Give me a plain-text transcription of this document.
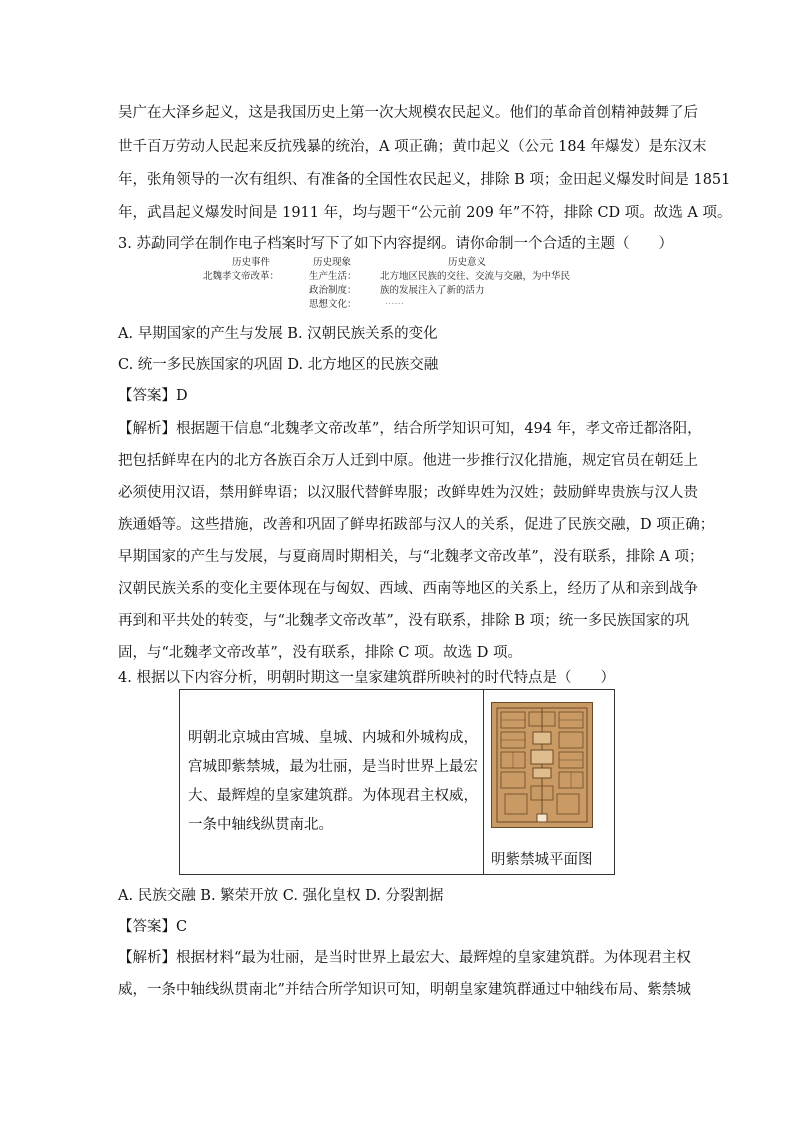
吴广在大泽乡起义，这是我国历史上第一次大规模农民起义。他们的革命首创精神鼓舞了后
世千百万劳动人民起来反抗残暴的统治，A 项正确；黄巾起义（公元 184 年爆发）是东汉末
年，张角领导的一次有组织、有准备的全国性农民起义，排除 B 项；金田起义爆发时间是 1851
年，武昌起义爆发时间是 1911 年，均与题干“公元前 209 年”不符，排除 CD 项。故选 A 项。
3. 苏勐同学在制作电子档案时写下了如下内容提纲。请你命制一个合适的主题（　　）
历史事件
北魏孝文帝改革：
历史现象
生产生活：
政治制度：
思想文化：
历史意义
北方地区民族的交往、交流与交融，为中华民
族的发展注入了新的活力
……
A. 早期国家的产生与发展 B. 汉朝民族关系的变化
C. 统一多民族国家的巩固 D. 北方地区的民族交融
【答案】D
【解析】根据题干信息“北魏孝文帝改革”，结合所学知识可知，494 年，孝文帝迁都洛阳，
把包括鲜卑在内的北方各族百余万人迁到中原。他进一步推行汉化措施，规定官员在朝廷上
必须使用汉语，禁用鲜卑语；以汉服代替鲜卑服；改鲜卑姓为汉姓；鼓励鲜卑贵族与汉人贵
族通婚等。这些措施，改善和巩固了鲜卑拓跋部与汉人的关系，促进了民族交融，D 项正确；
早期国家的产生与发展，与夏商周时期相关，与“北魏孝文帝改革”，没有联系，排除 A 项；
汉朝民族关系的变化主要体现在与匈奴、西域、西南等地区的关系上，经历了从和亲到战争
再到和平共处的转变，与“北魏孝文帝改革”，没有联系，排除 B 项；统一多民族国家的巩
固，与“北魏孝文帝改革”，没有联系，排除 C 项。故选 D 项。
4. 根据以下内容分析，明朝时期这一皇家建筑群所映衬的时代特点是（　　）
明朝北京城由宫城、皇城、内城和外城构成，宫城即紫禁城，最为壮丽，是当时世界上最宏大、最辉煌的皇家建筑群。为体现君主权威，一条中轴线纵贯南北。
明紫禁城平面图
A. 民族交融 B. 繁荣开放 C. 强化皇权 D. 分裂割据
【答案】C
【解析】根据材料“最为壮丽，是当时世界上最宏大、最辉煌的皇家建筑群。为体现君主权
威，一条中轴线纵贯南北”并结合所学知识可知，明朝皇家建筑群通过中轴线布局、紫禁城
